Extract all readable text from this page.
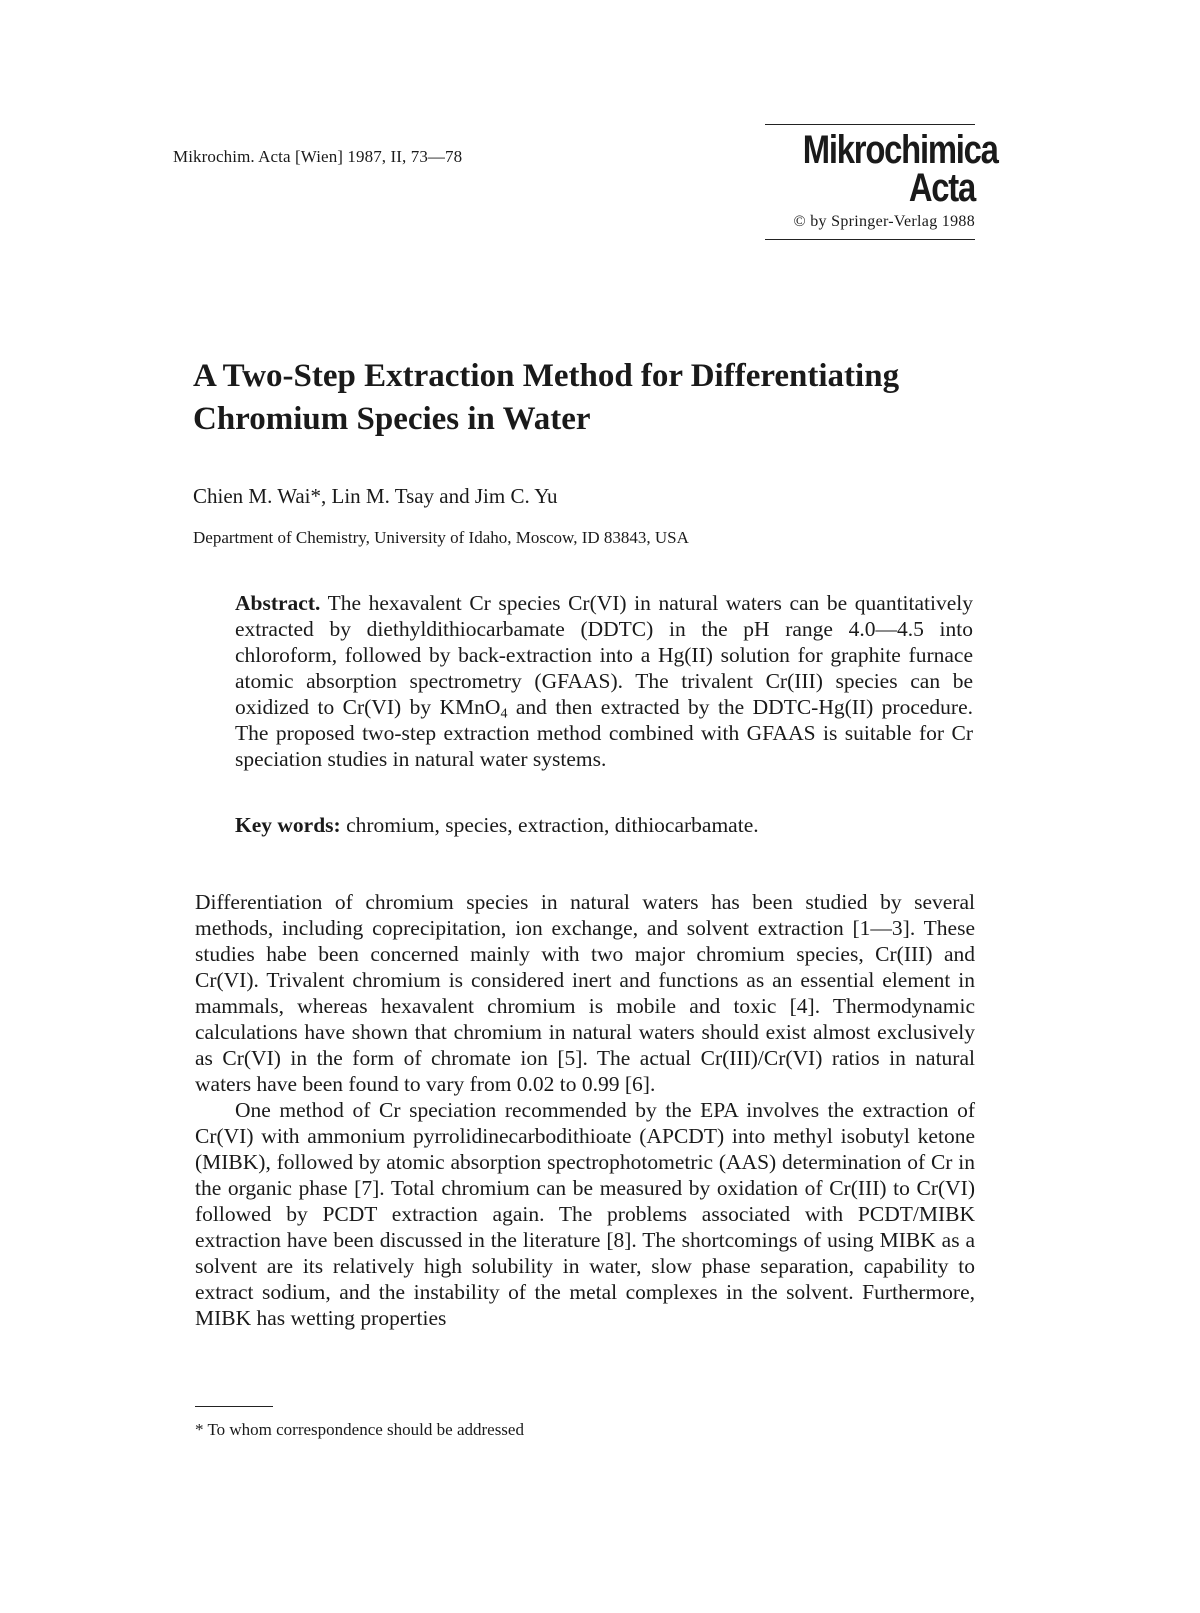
Mikrochim. Acta [Wien] 1987, II, 73—78	Mikrochimica
Acta
© by Springer-Verlag 1988
A Two-Step Extraction Method for Differentiating Chromium Species in Water
Chien M. Wai*, Lin M. Tsay and Jim C. Yu
Department of Chemistry, University of Idaho, Moscow, ID 83843, USA

Abstract. The hexavalent Cr species Cr(VI) in natural waters can be quantitatively extracted by diethyldithiocarbamate (DDTC) in the pH range 4.0—4.5 into chloroform, followed by back-extraction into a Hg(II) solution for graphite furnace atomic absorption spectrometry (GFAAS). The trivalent Cr(III) species can be oxidized to Cr(VI) by KMnO$_4$ and then extracted by the DDTC-Hg(II) procedure. The proposed two-step extraction method combined with GFAAS is suitable for Cr speciation studies in natural water systems.

Key words: chromium, species, extraction, dithiocarbamate.

Differentiation of chromium species in natural waters has been studied by several methods, including coprecipitation, ion exchange, and solvent extraction [1—3]. These studies habe been concerned mainly with two major chromium species, Cr(III) and Cr(VI). Trivalent chromium is considered inert and functions as an essential element in mammals, whereas hexavalent chromium is mobile and toxic [4]. Thermodynamic calculations have shown that chromium in natural waters should exist almost exclusively as Cr(VI) in the form of chromate ion [5]. The actual Cr(III)/Cr(VI) ratios in natural waters have been found to vary from 0.02 to 0.99 [6].

One method of Cr speciation recommended by the EPA involves the extraction of Cr(VI) with ammonium pyrrolidinecarbodithioate (APCDT) into methyl isobutyl ketone (MIBK), followed by atomic absorption spectrophotometric (AAS) determination of Cr in the organic phase [7]. Total chromium can be measured by oxidation of Cr(III) to Cr(VI) followed by PCDT extraction again. The problems associated with PCDT/MIBK extraction have been discussed in the literature [8]. The shortcomings of using MIBK as a solvent are its relatively high solubility in water, slow phase separation, capability to extract sodium, and the instability of the metal complexes in the solvent. Furthermore, MIBK has wetting properties

* To whom correspondence should be addressed
